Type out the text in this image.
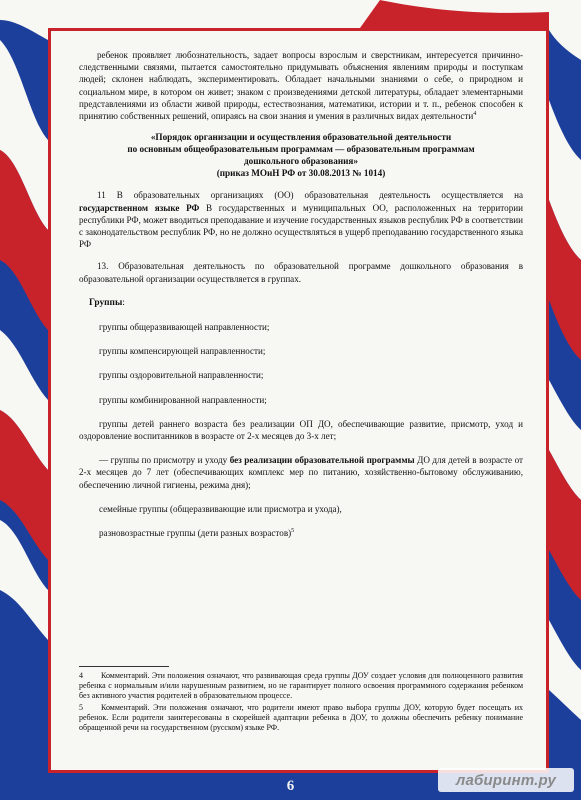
ребенок проявляет любознательность, задает вопросы взрослым и сверстникам, интересуется причинно-следственными связями, пытается самостоятельно придумывать объяснения явлениям природы и поступкам людей; склонен наблюдать, экспериментировать. Обладает начальными знаниями о себе, о природном и социальном мире, в котором он живет; знаком с произведениями детской литературы, обладает элементарными представлениями из области живой природы, естествознания, математики, истории и т. п., ребенок способен к принятию собственных решений, опираясь на свои знания и умения в различных видах деятельности$^4$

«Порядок организации и осуществления образовательной деятельности
по основным общеобразовательным программам — образовательным программам
дошкольного образования»
(приказ МОиН РФ от 30.08.2013 № 1014)

11 В образовательных организациях (ОО) образовательная деятельность осуществляется на государственном языке РФ В государственных и муниципальных ОО, расположенных на территории республики РФ, может вводиться преподавание и изучение государственных языков республик РФ в соответствии с законодательством республик РФ, но не должно осуществляться в ущерб преподаванию государственного языка РФ

13. Образовательная деятельность по образовательной программе дошкольного образования в образовательной организации осуществляется в группах.

Группы:

группы общеразвивающей направленности;

группы компенсирующей направленности;

группы оздоровительной направленности;

группы комбинированной направленности;

группы детей раннего возраста без реализации ОП ДО, обеспечивающие развитие, присмотр, уход и оздоровление воспитанников в возрасте от 2-х месяцев до 3-х лет;

— группы по присмотру и уходу без реализации образовательной программы ДО для детей в возрасте от 2-х месяцев до 7 лет (обеспечивающих комплекс мер по питанию, хозяйственно-бытовому обслуживанию, обеспечению личной гигиены, режима дня);

семейные группы (общеразвивающие или присмотра и ухода),

разновозрастные группы (дети разных возрастов)$^5$

4 Комментарий. Эти положения означают, что развивающая среда группы ДОУ создает условия для полноценного развития ребенка с нормальным и/или нарушенным развитием, но не гарантирует полного освоения программного содержания ребенком без активного участия родителей в образовательном процессе.

5 Комментарий. Эти положения означают, что родители имеют право выбора группы ДОУ, которую будет посещать их ребенок. Если родители заинтересованы в скорейшей адаптации ребенка в ДОУ, то должны обеспечить ребенку понимание обращенной речи на государственном (русском) языке РФ.

6	лабиринт.ру
